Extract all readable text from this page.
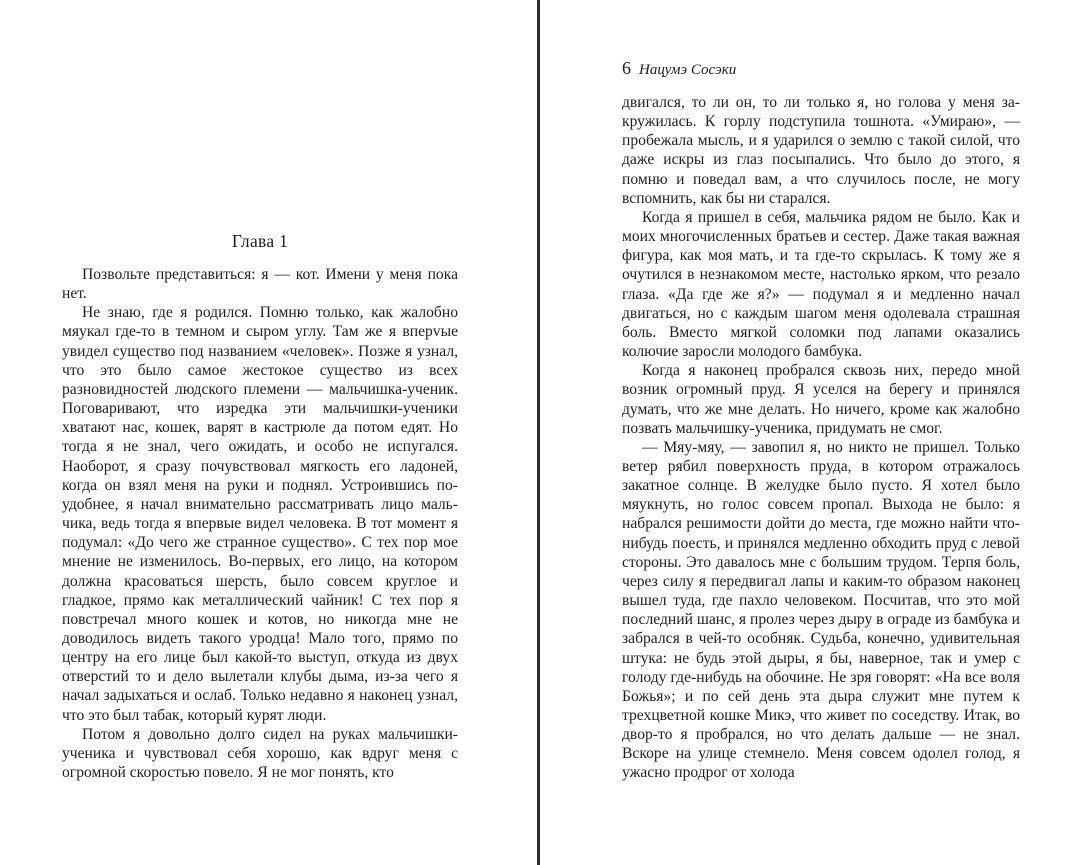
Глава 1

Позвольте представиться: я — кот. Имени у меня пока нет.

Не знаю, где я родился. Помню только, как жалобно мяукал где-то в темном и сыром углу. Там же я вперvые увидел существо под названием «человек». Позже я узнал, что это было самое жестокое существо из всех разновидностей людского племени — мальчишка-ученик. Поговаривают, что изредка эти мальчишки-ученики хватают нас, кошек, варят в кастрюле да потом едят. Но тогда я не знал, чего ожидать, и особо не испугался. Наоборот, я сразу почувствовал мягкость его ладоней, когда он взял меня на руки и поднял. Устроившись поудобнее, я начал внимательно рассматривать лицо мальчика, ведь тогда я впервые видел человека. В тот момент я подумал: «До чего же странное существо». С тех пор мое мнение не изменилось. Во-первых, его лицо, на котором должна красоваться шерсть, было совсем круглое и гладкое, прямо как металлический чайник! С тех пор я повстречал много кошек и котов, но никогда мне не доводилось видеть такого уродца! Мало того, прямо по центру на его лице был какой-то выступ, откуда из двух отверстий то и дело вылетали клубы дыма, из-за чего я начал задыхаться и ослаб. Только недавно я наконец узнал, что это был табак, который курят люди.

Потом я довольно долго сидел на руках мальчишки-ученика и чувствовал себя хорошо, как вдруг меня с огромной скоростью повело. Я не мог понять, кто

6 Нацумэ Сосэки

двигался, то ли он, то ли только я, но голова у меня закружилась. К горлу подступила тошнота. «Умираю», — пробежала мысль, и я ударился о землю с такой силой, что даже искры из глаз посыпались. Что было до этого, я помню и поведал вам, а что случилось после, не могу вспомнить, как бы ни старался.

Когда я пришел в себя, мальчика рядом не было. Как и моих многочисленных братьев и сестер. Даже такая важная фигура, как моя мать, и та где-то скрылась. К тому же я очутился в незнакомом месте, настолько ярком, что резало глаза. «Да где же я?» — подумал я и медленно начал двигаться, но с каждым шагом меня одолевала страшная боль. Вместо мягкой соломки под лапами оказались колючие заросли молодого бамбука.

Когда я наконец пробрался сквозь них, передо мной возник огромный пруд. Я уселся на берегу и принялся думать, что же мне делать. Но ничего, кроме как жалобно позвать мальчишку-ученика, придумать не смог.

— Мяу-мяу, — завопил я, но никто не пришел. Только ветер рябил поверхность пруда, в котором отражалось закатное солнце. В желудке было пусто. Я хотел было мяукнуть, но голос совсем пропал. Выхода не было: я набрался решимости дойти до места, где можно найти что-нибудь поесть, и принялся медленно обходить пруд с левой стороны. Это давалось мне с большим трудом. Терпя боль, через силу я передвигал лапы и каким-то образом наконец вышел туда, где пахло человеком. Посчитав, что это мой последний шанс, я пролез через дыру в ограде из бамбука и забрался в чей-то особняк. Судьба, конечно, удивительная штука: не будь этой дыры, я бы, наверное, так и умер с голоду где-нибудь на обочине. Не зря говорят: «На все воля Божья»; и по сей день эта дыра служит мне путем к трехцветной кошке Микэ, что живет по соседству. Итак, во двор-то я пробрался, но что делать дальше — не знал. Вскоре на улице стемнело. Меня совсем одолел голод, я ужасно продрог от холода
